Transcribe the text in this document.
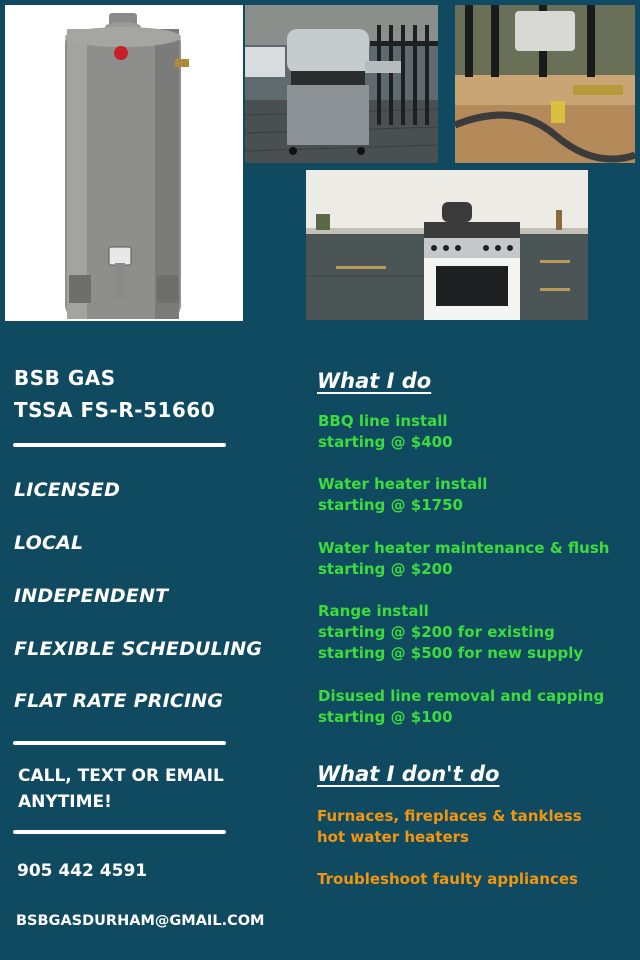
BSB GAS
TSSA FS-R-51660
LICENSED
LOCAL
INDEPENDENT
FLEXIBLE SCHEDULING
FLAT RATE PRICING
CALL, TEXT OR EMAIL
ANYTIME!
905 442 4591
BSBGASDURHAM@GMAIL.COM
What I do
BBQ line install
starting @ $400
Water heater install
starting @ $1750
Water heater maintenance & flush
starting @ $200
Range install
starting @ $200 for existing
starting @ $500 for new supply
Disused line removal and capping
starting @ $100
What I don't do
Furnaces, fireplaces & tankless
hot water heaters
Troubleshoot faulty appliances
